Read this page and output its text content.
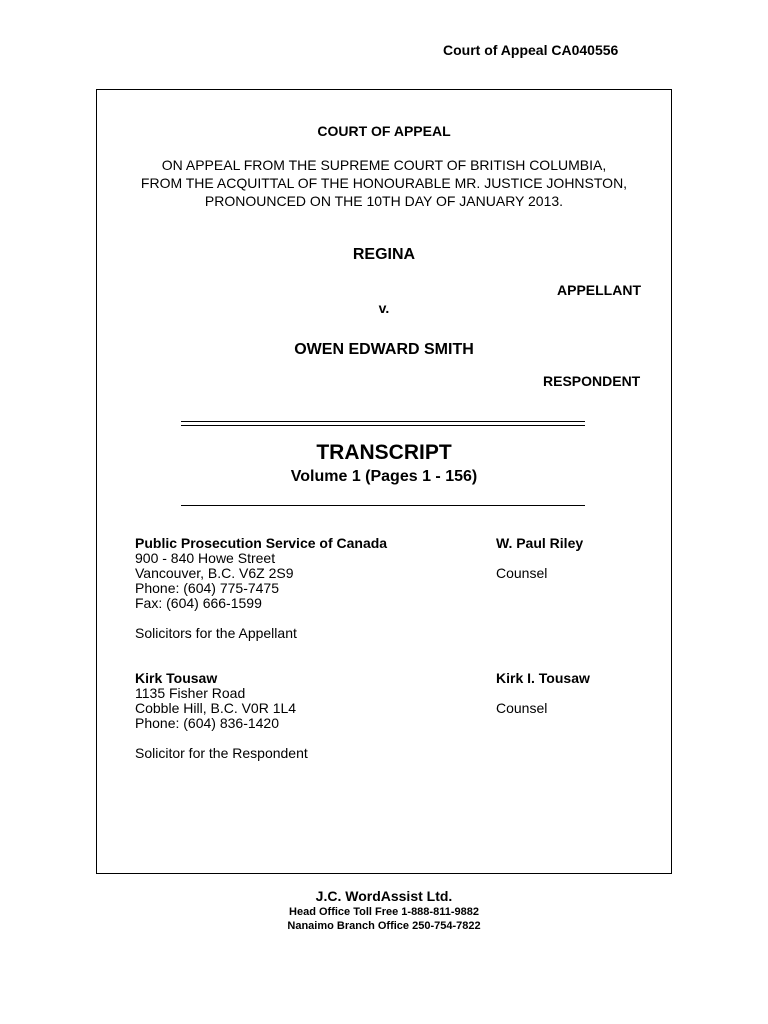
Court of Appeal CA040556
COURT OF APPEAL
ON APPEAL FROM THE SUPREME COURT OF BRITISH COLUMBIA,
FROM THE ACQUITTAL OF THE HONOURABLE MR. JUSTICE JOHNSTON,
PRONOUNCED ON THE 10TH DAY OF JANUARY 2013.
REGINA
APPELLANT
v.
OWEN EDWARD SMITH
RESPONDENT
TRANSCRIPT
Volume 1 (Pages 1 - 156)
Public Prosecution Service of Canada
900 - 840 Howe Street
Vancouver, B.C. V6Z 2S9
Phone: (604) 775-7475
Fax: (604) 666-1599
Solicitors for the Appellant
W. Paul Riley
Counsel
Kirk Tousaw
1135 Fisher Road
Cobble Hill, B.C. V0R 1L4
Phone: (604) 836-1420
Solicitor for the Respondent
Kirk I. Tousaw
Counsel
J.C. WordAssist Ltd.
Head Office Toll Free 1-888-811-9882
Nanaimo Branch Office 250-754-7822
